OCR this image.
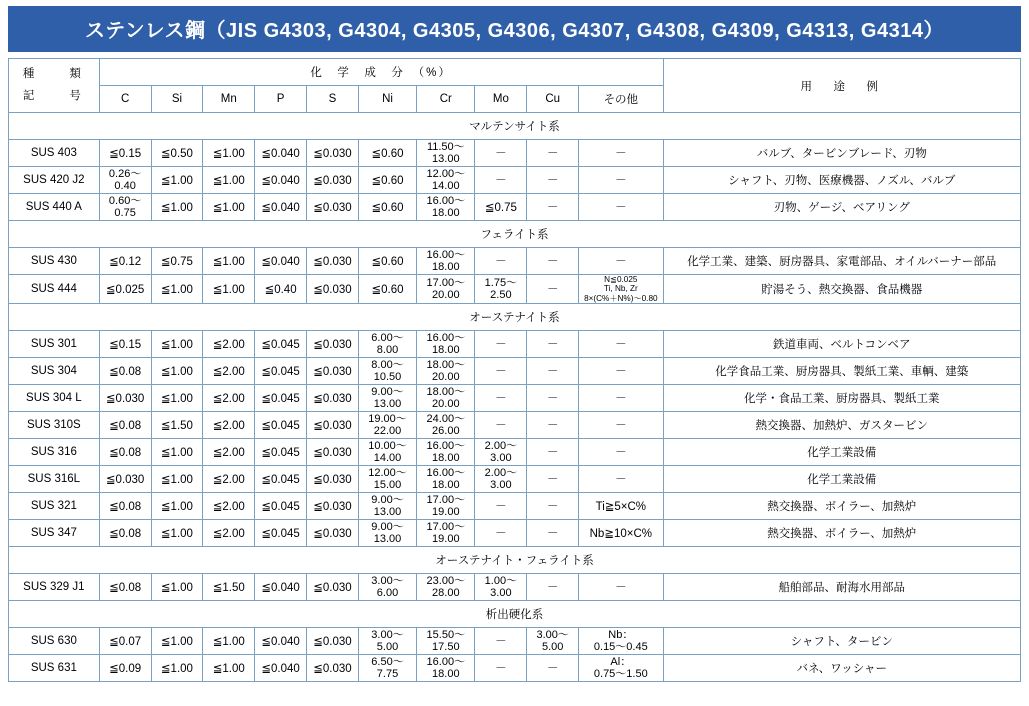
ステンレス鋼（JIS G4303, G4304, G4305, G4306, G4307, G4308, G4309, G4313, G4314）
種　　類
記　　号	化　学　成　分　（%）										用　途　例
	C	Si	Mn	P	S	Ni	Cr	Mo	Cu	その他	
マルテンサイト系											
SUS 403	≦0.15	≦0.50	≦1.00	≦0.040	≦0.030	≦0.60	11.50～
13.00	－	－	－	バルブ、タービンブレード、刃物
SUS 420 J2	0.26～
0.40	≦1.00	≦1.00	≦0.040	≦0.030	≦0.60	12.00～
14.00	－	－	－	シャフト、刃物、医療機器、ノズル、バルブ
SUS 440 A	0.60～
0.75	≦1.00	≦1.00	≦0.040	≦0.030	≦0.60	16.00～
18.00	≦0.75	－	－	刃物、ゲージ、ベアリング
フェライト系											
SUS 430	≦0.12	≦0.75	≦1.00	≦0.040	≦0.030	≦0.60	16.00～
18.00	－	－	－	化学工業、建築、厨房器具、家電部品、オイルバーナー部品
SUS 444	≦0.025	≦1.00	≦1.00	≦0.40	≦0.030	≦0.60	17.00～
20.00	1.75～
2.50	－	N≦0.025
Ti, Nb, Zr
8×(C%＋N%)～0.80	貯湯そう、熱交換器、食品機器
オーステナイト系											
SUS 301	≦0.15	≦1.00	≦2.00	≦0.045	≦0.030	6.00～
8.00	16.00～
18.00	－	－	－	鉄道車両、ベルトコンベア
SUS 304	≦0.08	≦1.00	≦2.00	≦0.045	≦0.030	8.00～
10.50	18.00～
20.00	－	－	－	化学食品工業、厨房器具、製紙工業、車輌、建築
SUS 304 L	≦0.030	≦1.00	≦2.00	≦0.045	≦0.030	9.00～
13.00	18.00～
20.00	－	－	－	化学・食品工業、厨房器具、製紙工業
SUS 310S	≦0.08	≦1.50	≦2.00	≦0.045	≦0.030	19.00～
22.00	24.00～
26.00	－	－	－	熱交換器、加熱炉、ガスタービン
SUS 316	≦0.08	≦1.00	≦2.00	≦0.045	≦0.030	10.00～
14.00	16.00～
18.00	2.00～
3.00	－	－	化学工業設備
SUS 316L	≦0.030	≦1.00	≦2.00	≦0.045	≦0.030	12.00～
15.00	16.00～
18.00	2.00～
3.00	－	－	化学工業設備
SUS 321	≦0.08	≦1.00	≦2.00	≦0.045	≦0.030	9.00～
13.00	17.00～
19.00	－	－	Ti≧5×C%	熱交換器、ボイラー、加熱炉
SUS 347	≦0.08	≦1.00	≦2.00	≦0.045	≦0.030	9.00～
13.00	17.00～
19.00	－	－	Nb≧10×C%	熱交換器、ボイラー、加熱炉
オーステナイト・フェライト系											
SUS 329 J1	≦0.08	≦1.00	≦1.50	≦0.040	≦0.030	3.00～
6.00	23.00～
28.00	1.00～
3.00	－	－	船舶部品、耐海水用部品
析出硬化系											
SUS 630	≦0.07	≦1.00	≦1.00	≦0.040	≦0.030	3.00～
5.00	15.50～
17.50	－	3.00～
5.00	Nb：
0.15～0.45	シャフト、タービン
SUS 631	≦0.09	≦1.00	≦1.00	≦0.040	≦0.030	6.50～
7.75	16.00～
18.00	－	－	Al：
0.75～1.50	バネ、ワッシャー
